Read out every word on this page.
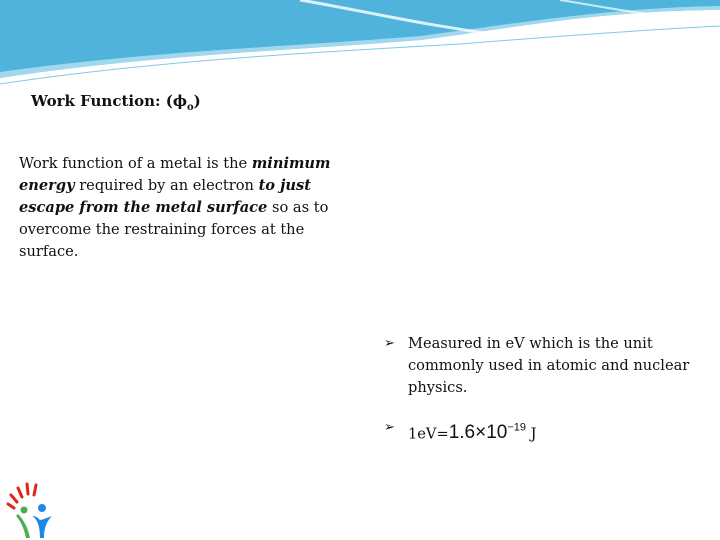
Work Function: $(\phi_o)$
Work function of a metal is the minimum energy required by an electron to just escape from the metal surface so as to overcome the restraining forces at the surface.
➢ Measured in eV which is the unit commonly used in atomic and nuclear physics.
➢ $1eV=1.6\times 10^{-19}$ J
